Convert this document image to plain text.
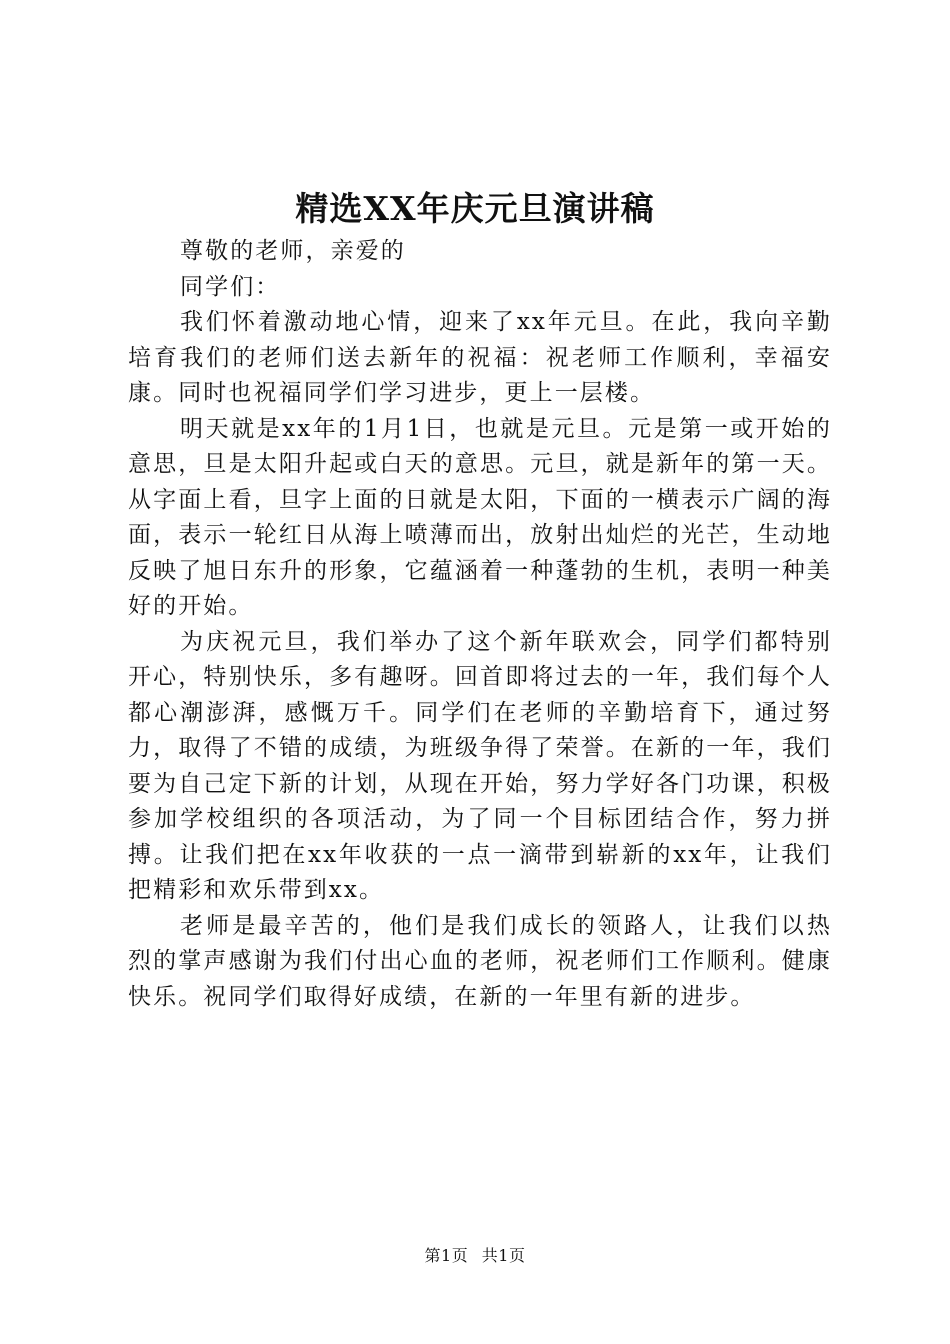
精选XX年庆元旦演讲稿

尊敬的老师，亲爱的

同学们：

我们怀着激动地心情，迎来了xx年元旦。在此，我向辛勤培育我们的老师们送去新年的祝福：祝老师工作顺利，幸福安康。同时也祝福同学们学习进步，更上一层楼。

明天就是xx年的1月1日，也就是元旦。元是第一或开始的意思，旦是太阳升起或白天的意思。元旦，就是新年的第一天。从字面上看，旦字上面的日就是太阳，下面的一横表示广阔的海面，表示一轮红日从海上喷薄而出，放射出灿烂的光芒，生动地反映了旭日东升的形象，它蕴涵着一种蓬勃的生机，表明一种美好的开始。

为庆祝元旦，我们举办了这个新年联欢会，同学们都特别开心，特别快乐，多有趣呀。回首即将过去的一年，我们每个人都心潮澎湃，感慨万千。同学们在老师的辛勤培育下，通过努力，取得了不错的成绩，为班级争得了荣誉。在新的一年，我们要为自己定下新的计划，从现在开始，努力学好各门功课，积极参加学校组织的各项活动，为了同一个目标团结合作，努力拼搏。让我们把在xx年收获的一点一滴带到崭新的xx年，让我们把精彩和欢乐带到xx。

老师是最辛苦的，他们是我们成长的领路人，让我们以热烈的掌声感谢为我们付出心血的老师，祝老师们工作顺利。健康快乐。祝同学们取得好成绩，在新的一年里有新的进步。

第1页 共1页
